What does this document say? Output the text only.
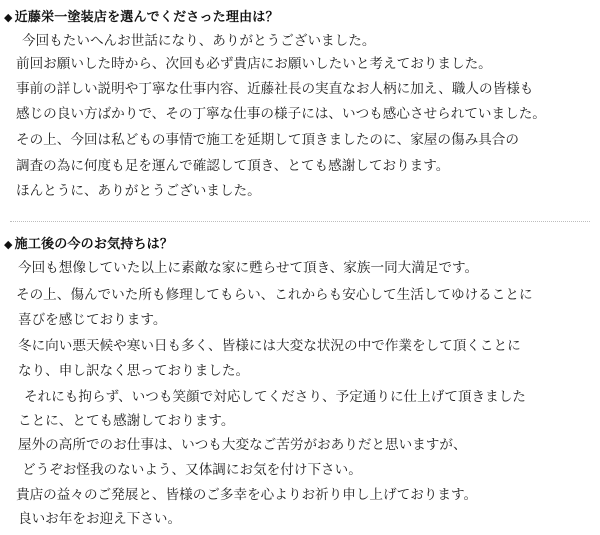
◆ 近藤栄一塗装店を選んでくださった理由は？
今回もたいへんお世話になり、ありがとうございました。
前回お願いした時から、次回も必ず貴店にお願いしたいと考えておりました。
事前の詳しい説明や丁寧な仕事内容、近藤社長の実直なお人柄に加え、職人の皆様も
感じの良い方ばかりで、その丁寧な仕事の様子には、いつも感心させられていました。
その上、今回は私どもの事情で施工を延期して頂きましたのに、家屋の傷み具合の
調査の為に何度も足を運んで確認して頂き、とても感謝しております。
ほんとうに、ありがとうございました。
◆ 施工後の今のお気持ちは？
今回も想像していた以上に素敵な家に甦らせて頂き、家族一同大満足です。
その上、傷んでいた所も修理してもらい、これからも安心して生活してゆけることに
喜びを感じております。
冬に向い悪天候や寒い日も多く、皆様には大変な状況の中で作業をして頂くことに
なり、申し訳なく思っておりました。
それにも拘らず、いつも笑顔で対応してくださり、予定通りに仕上げて頂きました
ことに、とても感謝しております。
屋外の高所でのお仕事は、いつも大変なご苦労がおありだと思いますが、
どうぞお怪我のないよう、又体調にお気を付け下さい。
貴店の益々のご発展と、皆様のご多幸を心よりお祈り申し上げております。
良いお年をお迎え下さい。
